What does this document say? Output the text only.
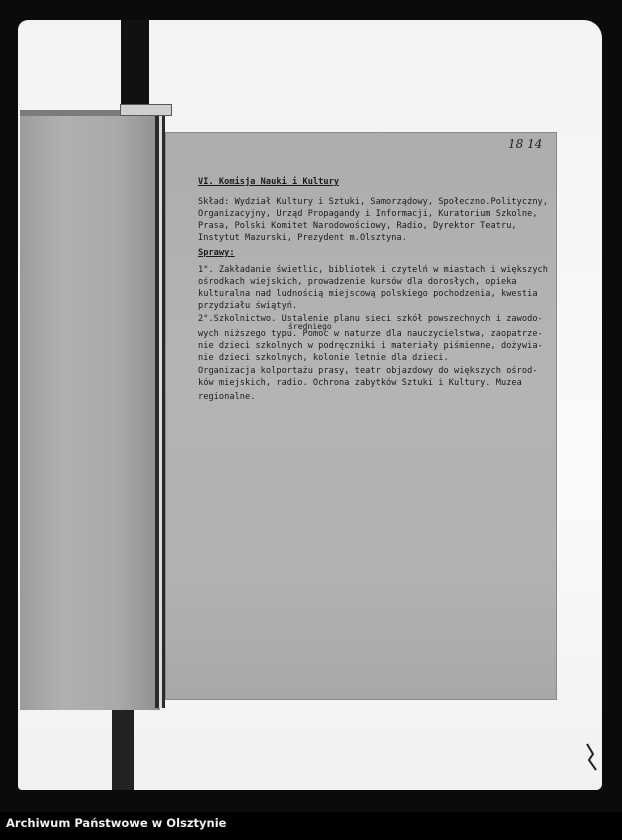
18 14
VI. Komisja Nauki i Kultury
Skład: Wydział Kultury i Sztuki, Samorządowy, Społeczno.Polityczny,
Organizacyjny, Urząd Propagandy i Informacji, Kuratorium Szkolne,
Prasa, Polski Komitet Narodowościowy, Radio, Dyrektor Teatru,
Instytut Mazurski, Prezydent m.Olsztyna.
Sprawy:
1°. Zakładanie świetlic, bibliotek i czytelń w miastach i większych
ośrodkach wiejskich, prowadzenie kursów dla dorosłych, opieka
kulturalna nad ludnością miejscową polskiego pochodzenia, kwestia
przydziału świątyń.
średniego
2°.Szkolnictwo. Ustalenie planu sieci szkół powszechnych i zawodo-
wych niższego typu. Pomoc w naturze dla nauczycielstwa, zaopatrze-
nie dzieci szkolnych w podręczniki i materiały piśmienne, dożywia-
nie dzieci szkolnych, kolonie letnie dla dzieci.
Organizacja kolportażu prasy, teatr objazdowy do większych ośrod-
ków miejskich, radio. Ochrona zabytków Sztuki i Kultury. Muzea
regionalne.
Archiwum Państwowe w Olsztynie
